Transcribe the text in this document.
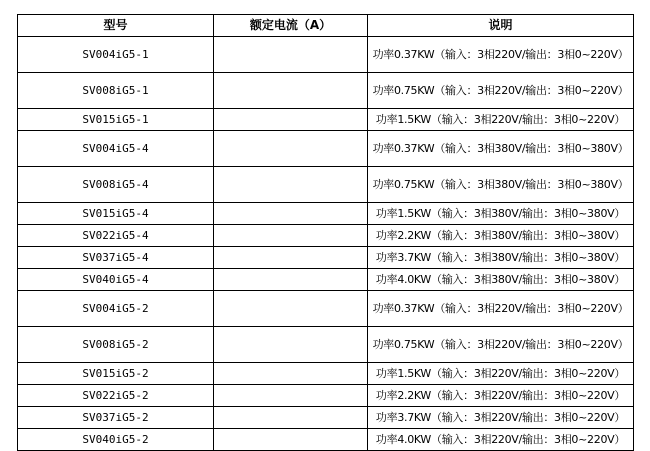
型号	额定电流（A）	说明
SV004iG5-1		功率0.37KW（输入：3相220V/输出：3相0~220V）
SV008iG5-1		功率0.75KW（输入：3相220V/输出：3相0~220V）
SV015iG5-1		功率1.5KW（输入：3相220V/输出：3相0~220V）
SV004iG5-4		功率0.37KW（输入：3相380V/输出：3相0~380V）
SV008iG5-4		功率0.75KW（输入：3相380V/输出：3相0~380V）
SV015iG5-4		功率1.5KW（输入：3相380V/输出：3相0~380V）
SV022iG5-4		功率2.2KW（输入：3相380V/输出：3相0~380V）
SV037iG5-4		功率3.7KW（输入：3相380V/输出：3相0~380V）
SV040iG5-4		功率4.0KW（输入：3相380V/输出：3相0~380V）
SV004iG5-2		功率0.37KW（输入：3相220V/输出：3相0~220V）
SV008iG5-2		功率0.75KW（输入：3相220V/输出：3相0~220V）
SV015iG5-2		功率1.5KW（输入：3相220V/输出：3相0~220V）
SV022iG5-2		功率2.2KW（输入：3相220V/输出：3相0~220V）
SV037iG5-2		功率3.7KW（输入：3相220V/输出：3相0~220V）
SV040iG5-2		功率4.0KW（输入：3相220V/输出：3相0~220V）
